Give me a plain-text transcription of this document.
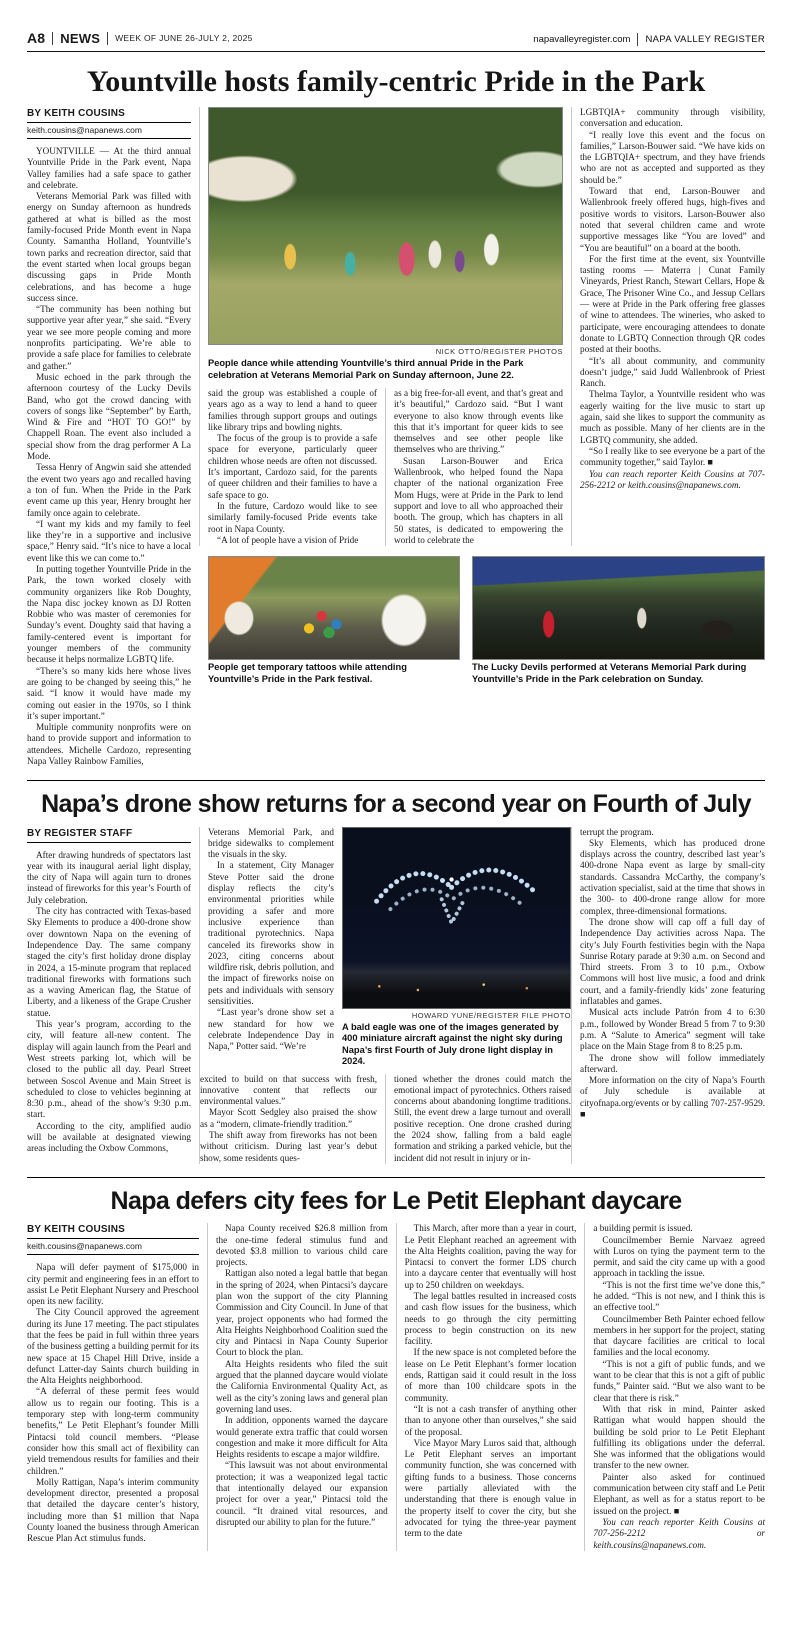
A8 NEWS WEEK OF JUNE 26-JULY 2, 2025	napavalleyregister.com NAPA VALLEY REGISTER
Yountville hosts family-centric Pride in the Park
BY KEITH COUSINS
keith.cousins@napanews.com

YOUNTVILLE — At the third annual Yountville Pride in the Park event, Napa Valley families had a safe space to gather and celebrate.

Veterans Memorial Park was filled with energy on Sunday afternoon as hundreds gathered at what is billed as the most family-focused Pride Month event in Napa County. Samantha Holland, Yountville’s town parks and recreation director, said that the event started when local groups began discussing gaps in Pride Month celebrations, and has become a huge success since.

“The community has been nothing but supportive year after year,” she said. “Every year we see more people coming and more nonprofits participating. We’re able to provide a safe place for families to celebrate and gather.”

Music echoed in the park through the afternoon courtesy of the Lucky Devils Band, who got the crowd dancing with covers of songs like “September” by Earth, Wind & Fire and “HOT TO GO!” by Chappell Roan. The event also included a special show from the drag performer A La Mode.

Tessa Henry of Angwin said she attended the event two years ago and recalled having a ton of fun. When the Pride in the Park event came up this year, Henry brought her family once again to celebrate.

“I want my kids and my family to feel like they’re in a supportive and inclusive space,” Henry said. “It’s nice to have a local event like this we can come to.”

In putting together Yountville Pride in the Park, the town worked closely with community organizers like Rob Doughty, the Napa disc jockey known as DJ Rotten Robbie who was master of ceremonies for Sunday’s event. Doughty said that having a family-centered event is important for younger members of the community because it helps normalize LGBTQ life.

“There’s so many kids here whose lives are going to be changed by seeing this,” he said. “I know it would have made my coming out easier in the 1970s, so I think it’s super important.”

Multiple community nonprofits were on hand to provide support and information to attendees. Michelle Cardozo, representing Napa Valley Rainbow Families,

NICK OTTO/REGISTER PHOTOS
People dance while attending Yountville’s third annual Pride in the Park celebration at Veterans Memorial Park on Sunday afternoon, June 22.

said the group was established a couple of years ago as a way to lend a hand to queer families through support groups and outings like library trips and bowling nights.

The focus of the group is to provide a safe space for everyone, particularly queer children whose needs are often not discussed. It’s important, Cardozo said, for the parents of queer children and their families to have a safe space to go.

In the future, Cardozo would like to see similarly family-focused Pride events take root in Napa County.

“A lot of people have a vision of Pride

as a big free-for-all event, and that’s great and it’s beautiful,” Cardozo said. “But I want everyone to also know through events like this that it’s important for queer kids to see themselves and see other people like themselves who are thriving.”

Susan Larson-Bouwer and Erica Wallenbrook, who helped found the Napa chapter of the national organization Free Mom Hugs, were at Pride in the Park to lend support and love to all who approached their booth. The group, which has chapters in all 50 states, is dedicated to empowering the world to celebrate the

LGBTQIA+ community through visibility, conversation and education.

“I really love this event and the focus on families,” Larson-Bouwer said. “We have kids on the LGBTQIA+ spectrum, and they have friends who are not as accepted and supported as they should be.”

Toward that end, Larson-Bouwer and Wallenbrook freely offered hugs, high-fives and positive words to visitors. Larson-Bouwer also noted that several children came and wrote supportive messages like “You are loved” and “You are beautiful” on a board at the booth.

For the first time at the event, six Yountville tasting rooms — Materra | Cunat Family Vineyards, Priest Ranch, Stewart Cellars, Hope & Grace, The Prisoner Wine Co., and Jessup Cellars — were at Pride in the Park offering free glasses of wine to attendees. The wineries, who asked to participate, were encouraging attendees to donate donate to LGBTQ Connection through QR codes posted at their booths.

“It’s all about community, and community doesn’t judge,” said Judd Wallenbrook of Priest Ranch.

Thelma Taylor, a Yountville resident who was eagerly waiting for the live music to start up again, said she likes to support the community as much as possible. Many of her clients are in the LGBTQ community, she added.

“So I really like to see everyone be a part of the community together,” said Taylor. ■

You can reach reporter Keith Cousins at 707-256-2212 or keith.cousins@napanews.com.

People get temporary tattoos while attending Yountville’s Pride in the Park festival.
The Lucky Devils performed at Veterans Memorial Park during Yountville’s Pride in the Park celebration on Sunday.
Napa’s drone show returns for a second year on Fourth of July
BY REGISTER STAFF

After drawing hundreds of spectators last year with its inaugural aerial light display, the city of Napa will again turn to drones instead of fireworks for this year’s Fourth of July celebration.

The city has contracted with Texas-based Sky Elements to produce a 400-drone show over downtown Napa on the evening of Independence Day. The same company staged the city’s first holiday drone display in 2024, a 15-minute program that replaced traditional fireworks with formations such as a waving American flag, the Statue of Liberty, and a likeness of the Grape Crusher statue.

This year’s program, according to the city, will feature all-new content. The display will again launch from the Pearl and West streets parking lot, which will be closed to the public all day. Pearl Street between Soscol Avenue and Main Street is scheduled to close to vehicles beginning at 8:30 p.m., ahead of the show’s 9:30 p.m. start.

According to the city, amplified audio will be available at designated viewing areas including the Oxbow Commons,

Veterans Memorial Park, and bridge sidewalks to complement the visuals in the sky.

In a statement, City Manager Steve Potter said the drone display reflects the city’s environmental priorities while providing a safer and more inclusive experience than traditional pyrotechnics. Napa canceled its fireworks show in 2023, citing concerns about wildfire risk, debris pollution, and the impact of fireworks noise on pets and individuals with sensory sensitivities.

“Last year’s drone show set a new standard for how we celebrate Independence Day in Napa,” Potter said. “We’re

HOWARD YUNE/REGISTER FILE PHOTO
A bald eagle was one of the images generated by 400 miniature aircraft against the night sky during Napa’s first Fourth of July drone light display in 2024.

excited to build on that success with fresh, innovative content that reflects our environmental values.”

Mayor Scott Sedgley also praised the show as a “modern, climate-friendly tradition.”

The shift away from fireworks has not been without criticism. During last year’s debut show, some residents ques-

tioned whether the drones could match the emotional impact of pyrotechnics. Others raised concerns about abandoning longtime traditions. Still, the event drew a large turnout and overall positive reception. One drone crashed during the 2024 show, falling from a bald eagle formation and striking a parked vehicle, but the incident did not result in injury or in-

terrupt the program.

Sky Elements, which has produced drone displays across the country, described last year’s 400-drone Napa event as large by small-city standards. Cassandra McCarthy, the company’s activation specialist, said at the time that shows in the 300- to 400-drone range allow for more complex, three-dimensional formations.

The drone show will cap off a full day of Independence Day activities across Napa. The city’s July Fourth festivities begin with the Napa Sunrise Rotary parade at 9:30 a.m. on Second and Third streets. From 3 to 10 p.m., Oxbow Commons will host live music, a food and drink court, and a family-friendly kids’ zone featuring inflatables and games.

Musical acts include Patrón from 4 to 6:30 p.m., followed by Wonder Bread 5 from 7 to 9:30 p.m. A “Salute to America” segment will take place on the Main Stage from 8 to 8:25 p.m.

The drone show will follow immediately afterward.

More information on the city of Napa’s Fourth of July schedule is available at cityofnapa.org/events or by calling 707-257-9529. ■

Napa defers city fees for Le Petit Elephant daycare
BY KEITH COUSINS
keith.cousins@napanews.com

Napa will defer payment of $175,000 in city permit and engineering fees in an effort to assist Le Petit Elephant Nursery and Preschool open its new facility.

The City Council approved the agreement during its June 17 meeting. The pact stipulates that the fees be paid in full within three years of the business getting a building permit for its new space at 15 Chapel Hill Drive, inside a defunct Latter-day Saints church building in the Alta Heights neighborhood.

“A deferral of these permit fees would allow us to regain our footing. This is a temporary step with long-term community benefits,” Le Petit Elephant’s founder Milli Pintacsi told council members. “Please consider how this small act of flexibility can yield tremendous results for families and their children.”

Molly Rattigan, Napa’s interim community development director, presented a proposal that detailed the daycare center’s history, including more than $1 million that Napa County loaned the business through American Rescue Plan Act stimulus funds.

Napa County received $26.8 million from the one-time federal stimulus fund and devoted $3.8 million to various child care projects.

Rattigan also noted a legal battle that began in the spring of 2024, when Pintacsi’s daycare plan won the support of the city Planning Commission and City Council. In June of that year, project opponents who had formed the Alta Heights Neighborhood Coalition sued the city and Pintacsi in Napa County Superior Court to block the plan.

Alta Heights residents who filed the suit argued that the planned daycare would violate the California Environmental Quality Act, as well as the city’s zoning laws and general plan governing land uses.

In addition, opponents warned the daycare would generate extra traffic that could worsen congestion and make it more difficult for Alta Heights residents to escape a major wildfire.

“This lawsuit was not about environmental protection; it was a weaponized legal tactic that intentionally delayed our expansion project for over a year,” Pintacsi told the council. “It drained vital resources, and disrupted our ability to plan for the future.”

This March, after more than a year in court, Le Petit Elephant reached an agreement with the Alta Heights coalition, paving the way for Pintacsi to convert the former LDS church into a daycare center that eventually will host up to 250 children on weekdays.

The legal battles resulted in increased costs and cash flow issues for the business, which needs to go through the city permitting process to begin construction on its new facility.

If the new space is not completed before the lease on Le Petit Elephant’s former location ends, Rattigan said it could result in the loss of more than 100 childcare spots in the community.

“It is not a cash transfer of anything other than to anyone other than ourselves,” she said of the proposal.

Vice Mayor Mary Luros said that, although Le Petit Elephant serves an important community function, she was concerned with gifting funds to a business. Those concerns were partially alleviated with the understanding that there is enough value in the property itself to cover the city, but she advocated for tying the three-year payment term to the date

a building permit is issued.

Councilmember Bernie Narvaez agreed with Luros on tying the payment term to the permit, and said the city came up with a good approach in tackling the issue.

“This is not the first time we’ve done this,” he added. “This is not new, and I think this is an effective tool.”

Councilmember Beth Painter echoed fellow members in her support for the project, stating that daycare facilities are critical to local families and the local economy.

“This is not a gift of public funds, and we want to be clear that this is not a gift of public funds,” Painter said. “But we also want to be clear that there is risk.”

With that risk in mind, Painter asked Rattigan what would happen should the building be sold prior to Le Petit Elephant fulfilling its obligations under the deferral. She was informed that the obligations would transfer to the new owner.

Painter also asked for continued communication between city staff and Le Petit Elephant, as well as for a status report to be issued on the project. ■

You can reach reporter Keith Cousins at 707-256-2212 or keith.cousins@napanews.com.
